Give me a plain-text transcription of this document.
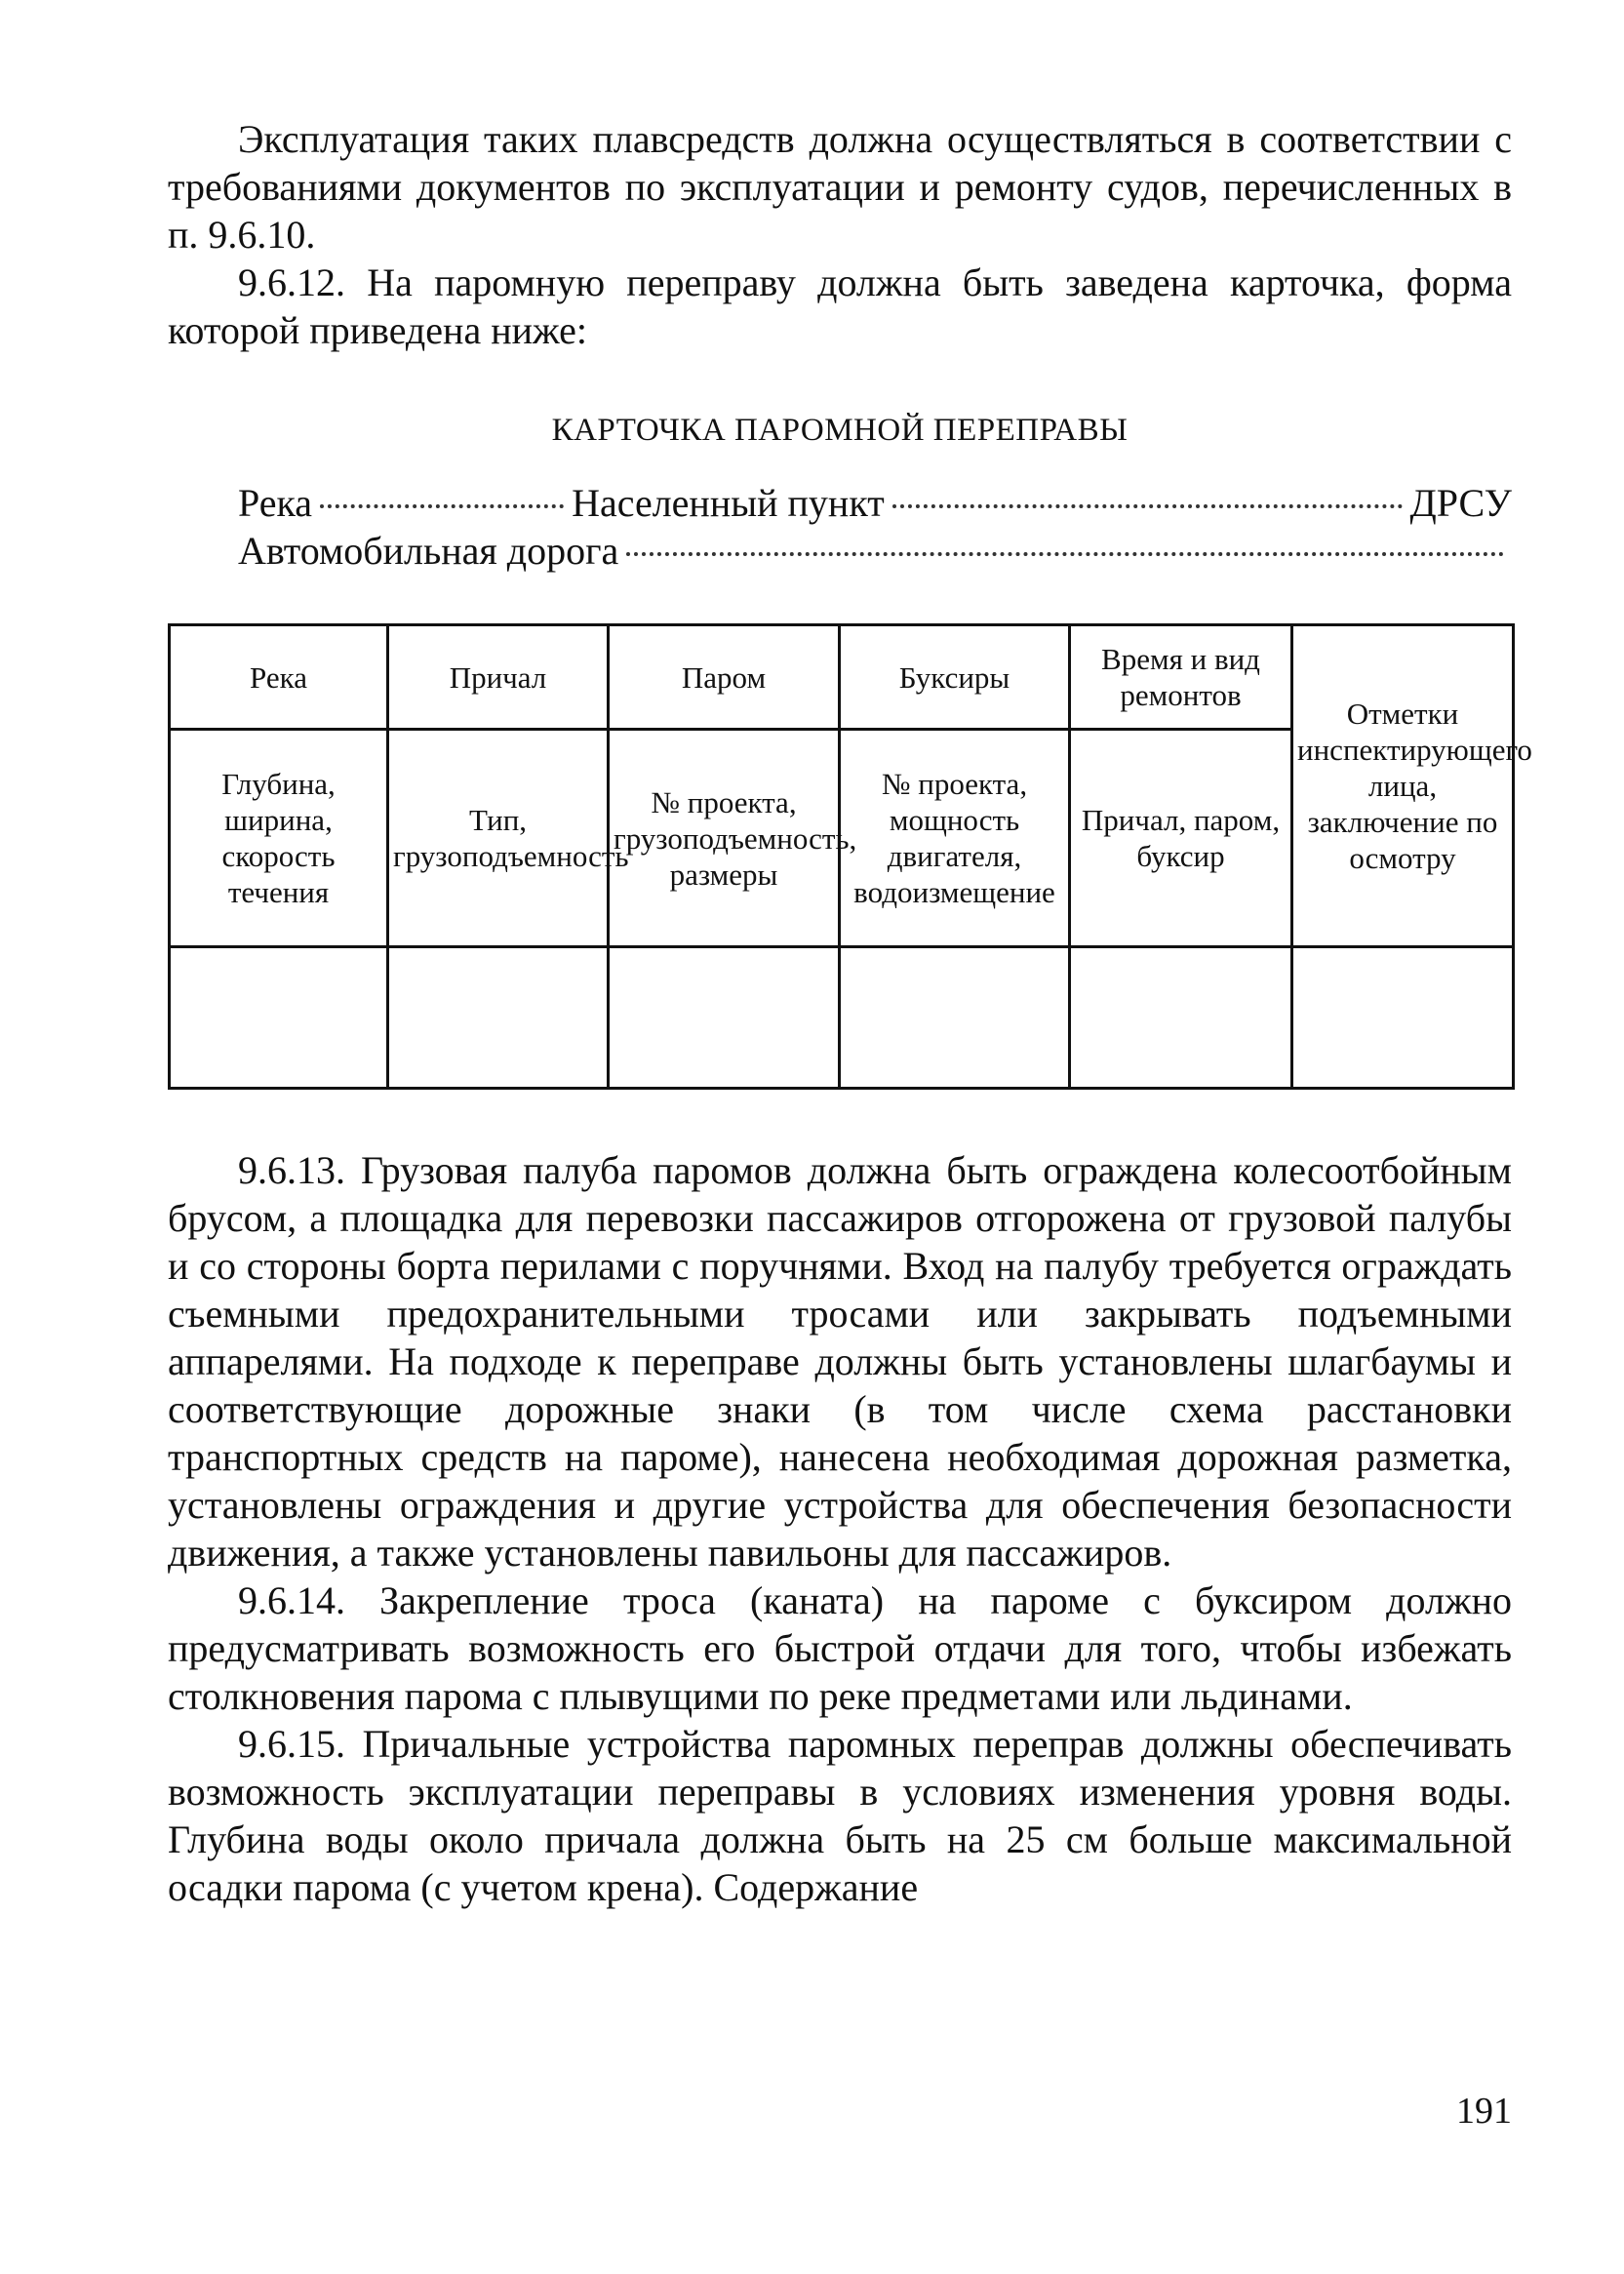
Эксплуатация таких плавсредств должна осуществляться в соответствии с требованиями документов по эксплуатации и ремонту судов, перечисленных в п. 9.6.10.

9.6.12. На паромную переправу должна быть заведена карточка, форма которой приведена ниже:

КАРТОЧКА ПАРОМНОЙ ПЕРЕПРАВЫ
Река	Населенный пункт	ДРСУ
Автомобильная дорога
Река	Причал	Паром	Буксиры	Время и вид ремонтов	Отметки инспектирующего лица, заключение по осмотру
Глубина, ширина, скорость течения	Тип, грузоподъемность	№ проекта, грузоподъемность, размеры	№ проекта, мощность двигателя, водоизмещение	Причал, паром, буксир	

9.6.13. Грузовая палуба паромов должна быть ограждена колесоотбойным брусом, а площадка для перевозки пассажиров отгорожена от грузовой палубы и со стороны борта перилами с поручнями. Вход на палубу требуется ограждать съемными предохранительными тросами или закрывать подъемными аппарелями. На подходе к переправе должны быть установлены шлагбаумы и соответствующие дорожные знаки (в том числе схема расстановки транспортных средств на пароме), нанесена необходимая дорожная разметка, установлены ограждения и другие устройства для обеспечения безопасности движения, а также установлены павильоны для пассажиров.

9.6.14. Закрепление троса (каната) на пароме с буксиром должно предусматривать возможность его быстрой отдачи для того, чтобы избежать столкновения парома с плывущими по реке предметами или льдинами.

9.6.15. Причальные устройства паромных переправ должны обеспечивать возможность эксплуатации переправы в условиях изменения уровня воды. Глубина воды около причала должна быть на 25 см больше максимальной осадки парома (с учетом крена). Содержание

191
